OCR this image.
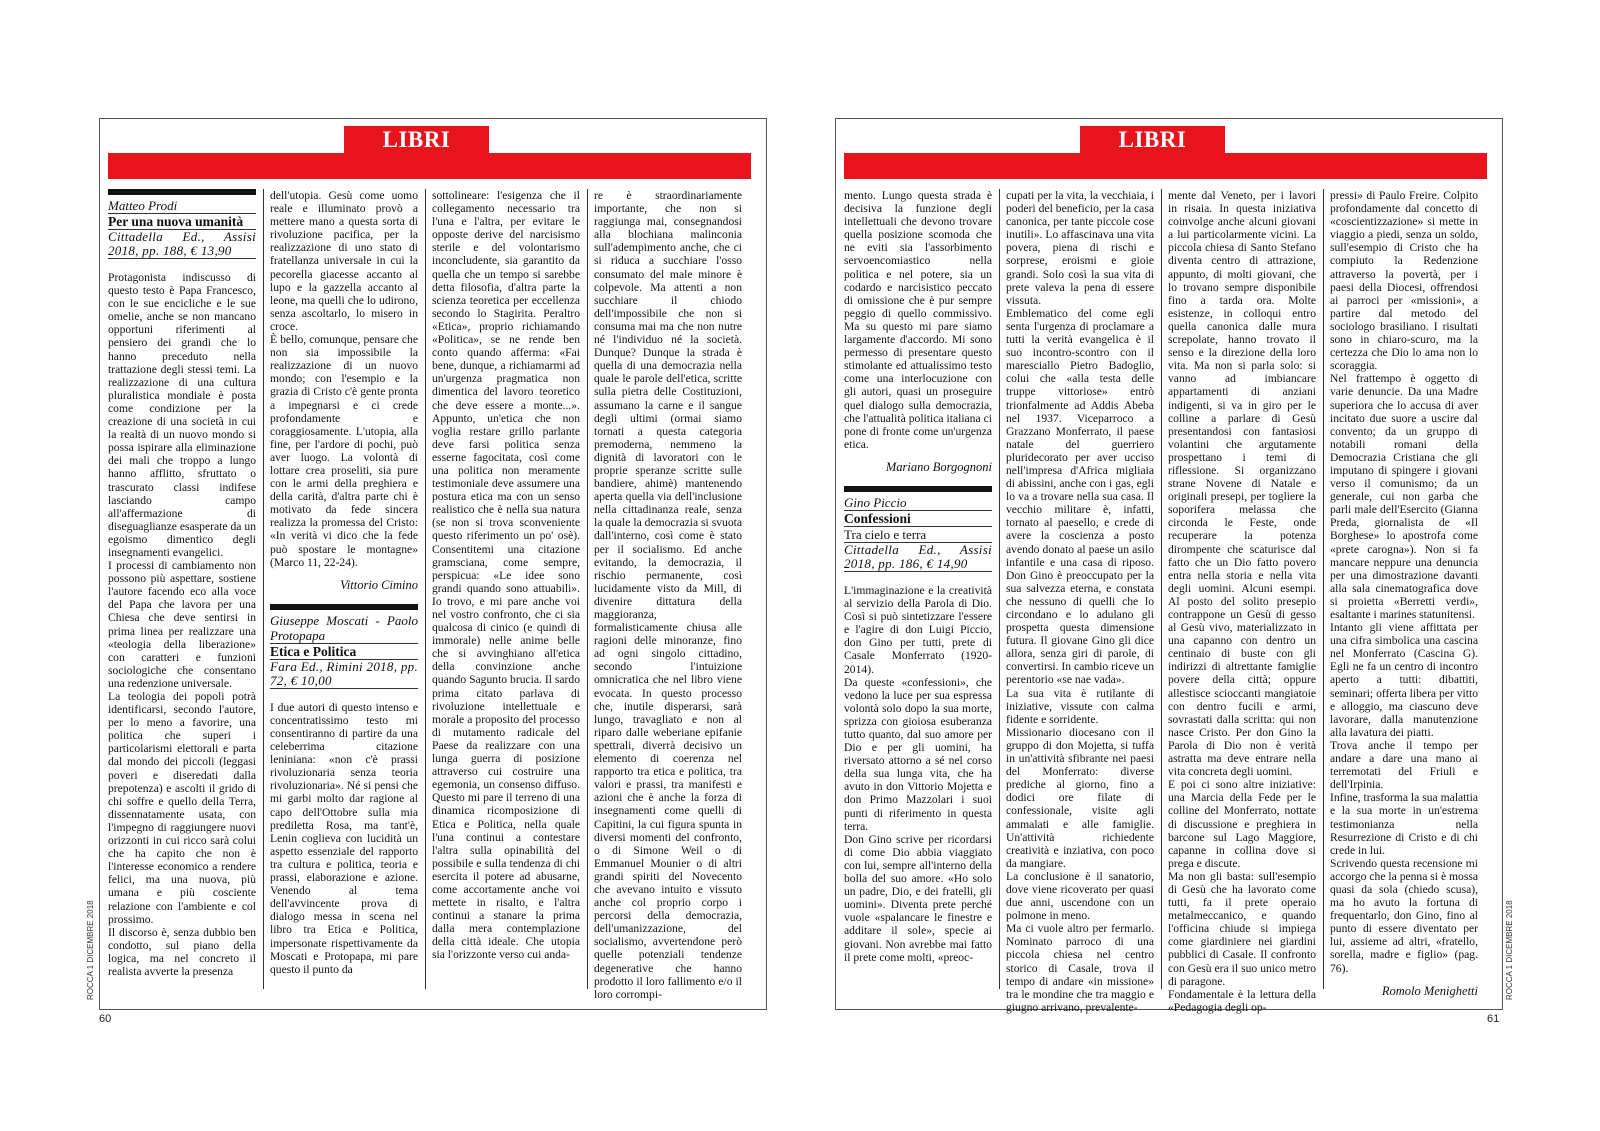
LIBRI
Matteo Prodi
Per una nuova umanità
Cittadella Ed., Assisi 2018, pp. 188, € 13,90

Protagonista indiscusso di questo testo è Papa Francesco, con le sue encicliche e le sue omelie, anche se non mancano opportuni riferimenti al pensiero dei grandi che lo hanno preceduto nella trattazione degli stessi temi. La realizzazione di una cultura pluralistica mondiale è posta come condizione per la creazione di una società in cui la realtà di un nuovo mondo si possa ispirare alla eliminazione dei mali che troppo a lungo hanno afflitto, sfruttato o trascurato classi indifese lasciando campo all'affermazione di diseguaglianze esasperate da un egoismo dimentico degli insegnamenti evangelici.
I processi di cambiamento non possono più aspettare, sostiene l'autore facendo eco alla voce del Papa che lavora per una Chiesa che deve sentirsi in prima linea per realizzare una «teologia della liberazione» con caratteri e funzioni sociologiche che consentano una redenzione universale.
La teologia dei popoli potrà identificarsi, secondo l'autore, per lo meno a favorire, una politica che superi i particolarismi elettorali e parta dal mondo dei piccoli (leggasi poveri e diseredati dalla prepotenza) e ascolti il grido di chi soffre e quello della Terra, dissennatamente usata, con l'impegno di raggiungere nuovi orizzonti in cui ricco sarà colui che ha capito che non è l'interesse economico a rendere felici, ma una nuova, più umana e più cosciente relazione con l'ambiente e col prossimo.
Il discorso è, senza dubbio ben condotto, sul piano della logica, ma nel concreto il realista avverte la presenza

dell'utopia. Gesù come uomo reale e illuminato provò a mettere mano a questa sorta di rivoluzione pacifica, per la realizzazione di uno stato di fratellanza universale in cui la pecorella giacesse accanto al lupo e la gazzella accanto al leone, ma quelli che lo udirono, senza ascoltarlo, lo misero in croce.
È bello, comunque, pensare che non sia impossibile la realizzazione di un nuovo mondo; con l'esempio e la grazia di Cristo c'è gente pronta a impegnarsi e ci crede profondamente e coraggiosamente. L'utopia, alla fine, per l'ardore di pochi, può aver luogo. La volontà di lottare crea proseliti, sia pure con le armi della preghiera e della carità, d'altra parte chi è motivato da fede sincera realizza la promessa del Cristo: «In verità vi dico che la fede può spostare le montagne» (Marco 11, 22-24).

Vittorio Cimino
Giuseppe Moscati - Paolo Protopapa
Etica e Politica
Fara Ed., Rimini 2018, pp. 72, € 10,00

I due autori di questo intenso e concentratissimo testo mi consentiranno di partire da una celeberrima citazione leniniana: «non c'è prassi rivoluzionaria senza teoria rivoluzionaria». Né si pensi che mi garbi molto dar ragione al capo dell'Ottobre sulla mia prediletta Rosa, ma tant'è, Lenin coglieva con lucidità un aspetto essenziale del rapporto tra cultura e politica, teoria e prassi, elaborazione e azione. Venendo al tema dell'avvincente prova di dialogo messa in scena nel libro tra Etica e Politica, impersonate rispettivamente da Moscati e Protopapa, mi pare questo il punto da

sottolineare: l'esigenza che il collegamento necessario tra l'una e l'altra, per evitare le opposte derive del narcisismo sterile e del volontarismo inconcludente, sia garantito da quella che un tempo si sarebbe detta filosofia, d'altra parte la scienza teoretica per eccellenza secondo lo Stagirita. Peraltro «Etica», proprio richiamando «Politica», se ne rende ben conto quando afferma: «Fai bene, dunque, a richiamarmi ad un'urgenza pragmatica non dimentica del lavoro teoretico che deve essere a monte...». Appunto, un'etica che non voglia restare grillo parlante deve farsi politica senza esserne fagocitata, così come una politica non meramente testimoniale deve assumere una postura etica ma con un senso realistico che è nella sua natura (se non si trova sconveniente questo riferimento un po' osè). Consentitemi una citazione gramsciana, come sempre, perspicua: «Le idee sono grandi quando sono attuabili». Io trovo, e mi pare anche voi nel vostro confronto, che ci sia qualcosa di cinico (e quindi di immorale) nelle anime belle che si avvinghiano all'etica della convinzione anche quando Sagunto brucia. Il sardo prima citato parlava di rivoluzione intellettuale e morale a proposito del processo di mutamento radicale del Paese da realizzare con una lunga guerra di posizione attraverso cui costruire una egemonia, un consenso diffuso. Questo mi pare il terreno di una dinamica ricomposizione di Etica e Politica, nella quale l'una continui a contestare l'altra sulla opinabilità del possibile e sulla tendenza di chi esercita il potere ad abusarne, come accortamente anche voi mettete in risalto, e l'altra continui a stanare la prima dalla mera contemplazione della città ideale. Che utopia sia l'orizzonte verso cui anda-

re è straordinariamente importante, che non si raggiunga mai, consegnandosi alla blochiana malinconia sull'adempimento anche, che ci si riduca a succhiare l'osso consumato del male minore è colpevole. Ma attenti a non succhiare il chiodo dell'impossibile che non si consuma mai ma che non nutre né l'individuo né la società. Dunque? Dunque la strada è quella di una democrazia nella quale le parole dell'etica, scritte sulla pietra delle Costituzioni, assumano la carne e il sangue degli ultimi (ormai siamo tornati a questa categoria premoderna, nemmeno la dignità di lavoratori con le proprie speranze scritte sulle bandiere, ahimè) mantenendo aperta quella via dell'inclusione nella cittadinanza reale, senza la quale la democrazia si svuota dall'interno, così come è stato per il socialismo. Ed anche evitando, la democrazia, il rischio permanente, così lucidamente visto da Mill, di divenire dittatura della maggioranza, formalisticamente chiusa alle ragioni delle minoranze, fino ad ogni singolo cittadino, secondo l'intuizione omnicratica che nel libro viene evocata. In questo processo che, inutile disperarsi, sarà lungo, travagliato e non al riparo dalle weberiane epifanie spettrali, diverrà decisivo un elemento di coerenza nel rapporto tra etica e politica, tra valori e prassi, tra manifesti e azioni che è anche la forza di insegnamenti come quelli di Capitini, la cui figura spunta in diversi momenti del confronto, o di Simone Weil o di Emmanuel Mounier o di altri grandi spiriti del Novecento che avevano intuito e vissuto anche col proprio corpo i percorsi della democrazia, dell'umanizzazione, del socialismo, avvertendone però quelle potenziali tendenze degenerative che hanno prodotto il loro fallimento e/o il loro corrompi-

60
ROCCA 1 DICEMBRE 2018
LIBRI

mento. Lungo questa strada è decisiva la funzione degli intellettuali che devono trovare quella posizione scomoda che ne eviti sia l'assorbimento servoencomiastico nella politica e nel potere, sia un codardo e narcisistico peccato di omissione che è pur sempre peggio di quello commissivo. Ma su questo mi pare siamo largamente d'accordo. Mi sono permesso di presentare questo stimolante ed attualissimo testo come una interlocuzione con gli autori, quasi un proseguire quel dialogo sulla democrazia, che l'attualità politica italiana ci pone di fronte come un'urgenza etica.

Mariano Borgognoni
Gino Piccio
Confessioni
Tra cielo e terra
Cittadella Ed., Assisi 2018, pp. 186, € 14,90

L'immaginazione e la creatività al servizio della Parola di Dio. Così si può sintetizzare l'essere e l'agire di don Luigi Piccio, don Gino per tutti, prete di Casale Monferrato (1920-2014).
Da queste «confessioni», che vedono la luce per sua espressa volontà solo dopo la sua morte, sprizza con gioiosa esuberanza tutto quanto, dal suo amore per Dio e per gli uomini, ha riversato attorno a sé nel corso della sua lunga vita, che ha avuto in don Vittorio Mojetta e don Primo Mazzolari i suoi punti di riferimento in questa terra.
Don Gino scrive per ricordarsi di come Dio abbia viaggiato con lui, sempre all'interno della bolla del suo amore. «Ho solo un padre, Dio, e dei fratelli, gli uomini». Diventa prete perché vuole «spalancare le finestre e additare il sole», specie ai giovani. Non avrebbe mai fatto il prete come molti, «preoc-

cupati per la vita, la vecchiaia, i poderi del beneficio, per la casa canonica, per tante piccole cose inutili». Lo affascinava una vita povera, piena di rischi e sorprese, eroismi e gioie grandi. Solo così la sua vita di prete valeva la pena di essere vissuta.
Emblematico del come egli senta l'urgenza di proclamare a tutti la verità evangelica è il suo incontro-scontro con il maresciallo Pietro Badoglio, colui che «alla testa delle truppe vittoriose» entrò trionfalmente ad Addis Abeba nel 1937. Viceparroco a Grazzano Monferrato, il paese natale del guerriero pluridecorato per aver ucciso nell'impresa d'Africa migliaia di abissini, anche con i gas, egli lo va a trovare nella sua casa. Il vecchio militare è, infatti, tornato al paesello, e crede di avere la coscienza a posto avendo donato al paese un asilo infantile e una casa di riposo. Don Gino è preoccupato per la sua salvezza eterna, e constata che nessuno di quelli che lo circondano e lo adulano gli prospetta questa dimensione futura. Il giovane Gino gli dice allora, senza giri di parole, di convertirsi. In cambio riceve un perentorio «se nae vada».
La sua vita è rutilante di iniziative, vissute con calma fidente e sorridente.
Missionario diocesano con il gruppo di don Mojetta, si tuffa in un'attività sfibrante nei paesi del Monferrato: diverse prediche al giorno, fino a dodici ore filate di confessionale, visite agli ammalati e alle famiglie. Un'attività richiedente creatività e inziativa, con poco da mangiare.
La conclusione è il sanatorio, dove viene ricoverato per quasi due anni, uscendone con un polmone in meno.
Ma ci vuole altro per fermarlo. Nominato parroco di una piccola chiesa nel centro storico di Casale, trova il tempo di andare «in missione» tra le mondine che tra maggio e giugno arrivano, prevalente-

mente dal Veneto, per i lavori in risaia. In questa iniziativa coinvolge anche alcuni giovani a lui particolarmente vicini. La piccola chiesa di Santo Stefano diventa centro di attrazione, appunto, di molti giovani, che lo trovano sempre disponibile fino a tarda ora. Molte esistenze, in colloqui entro quella canonica dalle mura screpolate, hanno trovato il senso e la direzione della loro vita. Ma non si parla solo: si vanno ad imbiancare appartamenti di anziani indigenti, si va in giro per le colline a parlare di Gesù presentandosi con fantasiosi volantini che argutamente prospettano i temi di riflessione. Si organizzano strane Novene di Natale e originali presepi, per togliere la soporifera melassa che circonda le Feste, onde recuperare la potenza dirompente che scaturisce dal fatto che un Dio fatto povero entra nella storia e nella vita degli uomini. Alcuni esempi. Al posto del solito presepio contrappone un Gesù di gesso al Gesù vivo, materializzato in una capanno con dentro un centinaio di buste con gli indirizzi di altrettante famiglie povere della città; oppure allestisce scioccanti mangiatoie con dentro fucili e armi, sovrastati dalla scritta: qui non nasce Cristo. Per don Gino la Parola di Dio non è verità astratta ma deve entrare nella vita concreta degli uomini.
E poi ci sono altre iniziative: una Marcia della Fede per le colline del Monferrato, nottate di discussione e preghiera in barcone sul Lago Maggiore, capanne in collina dove si prega e discute.
Ma non gli basta: sull'esempio di Gesù che ha lavorato come tutti, fa il prete operaio metalmeccanico, e quando l'officina chiude si impiega come giardiniere nei giardini pubblici di Casale. Il confronto con Gesù era il suo unico metro di paragone.
Fondamentale è la lettura della «Pedagogia degli op-

pressi» di Paulo Freire. Colpito profondamente dal concetto di «coscientizzazione» si mette in viaggio a piedi, senza un soldo, sull'esempio di Cristo che ha compiuto la Redenzione attraverso la povertà, per i paesi della Diocesi, offrendosi ai parroci per «missioni», a partire dal metodo del sociologo brasiliano. I risultati sono in chiaro-scuro, ma la certezza che Dio lo ama non lo scoraggia.
Nel frattempo è oggetto di varie denuncie. Da una Madre superiora che lo accusa di aver incitato due suore a uscire dal convento; da un gruppo di notabili romani della Democrazia Cristiana che gli imputano di spingere i giovani verso il comunismo; da un generale, cui non garba che parli male dell'Esercito (Gianna Preda, giornalista de «Il Borghese» lo apostrofa come «prete carogna»). Non si fa mancare neppure una denuncia per una dimostrazione davanti alla sala cinematografica dove si proietta «Berretti verdi», esaltante i marines statunitensi.
Intanto gli viene affittata per una cifra simbolica una cascina nel Monferrato (Cascina G). Egli ne fa un centro di incontro aperto a tutti: dibattiti, seminari; offerta libera per vitto e alloggio, ma ciascuno deve lavorare, dalla manutenzione alla lavatura dei piatti.
Trova anche il tempo per andare a dare una mano ai terremotati del Friuli e dell'Irpinia.
Infine, trasforma la sua malattia e la sua morte in un'estrema testimonianza nella Resurrezione di Cristo e di chi crede in lui.
Scrivendo questa recensione mi accorgo che la penna si è mossa quasi da sola (chiedo scusa), ma ho avuto la fortuna di frequentarlo, don Gino, fino al punto di essere diventato per lui, assieme ad altri, «fratello, sorella, madre e figlio» (pag. 76).

Romolo Menighetti
61
ROCCA 1 DICEMBRE 2018
